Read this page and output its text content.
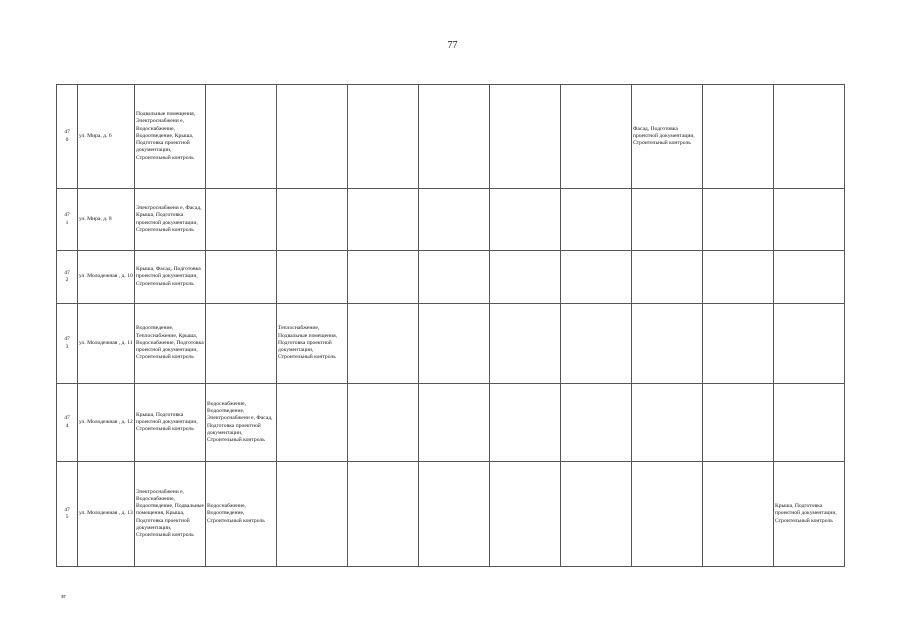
77
47
0	ул. Мира, д. 6	Подвальные помещения, Электроснабжени е, Водоснабжение, Водоотведение, Крыша, Подготовка проектной документации, Строительный контроль							Фасад, Подготовка проектной документации, Строительный контроль			
47
1	ул. Мира, д. 8	Электроснабжени е, Фасад, Крыша, Подготовка проектной документации, Строительный контроль										
47
2	ул. Молодежная , д. 10	Крыша, Фасад, Подготовка проектной документации, Строительный контроль										
47
3	ул. Молодежная , д. 11	Водоотведение, Теплоснабжение, Крыша, Водоснабжение, Подготовка проектной документации, Строительный контроль		Теплоснабжение, Подвальные помещения, Подготовка проектной документации, Строительный контроль								
47
4	ул. Молодежная , д. 12	Крыша, Подготовка проектной документации, Строительный контроль	Водоснабжение, Водоотведение, Электроснабжени е, Фасад, Подготовка проектной документации, Строительный контроль									
47
5	ул. Молодежная , д. 13	Электроснабжени е, Водоснабжение, Водоотведение, Подвальные помещения, Крыша, Подготовка проектной документации, Строительный контроль	Водоснабжение, Водоотведение, Строительный контроль								Крыша, Подготовка проектной документации, Строительный контроль	
зг
